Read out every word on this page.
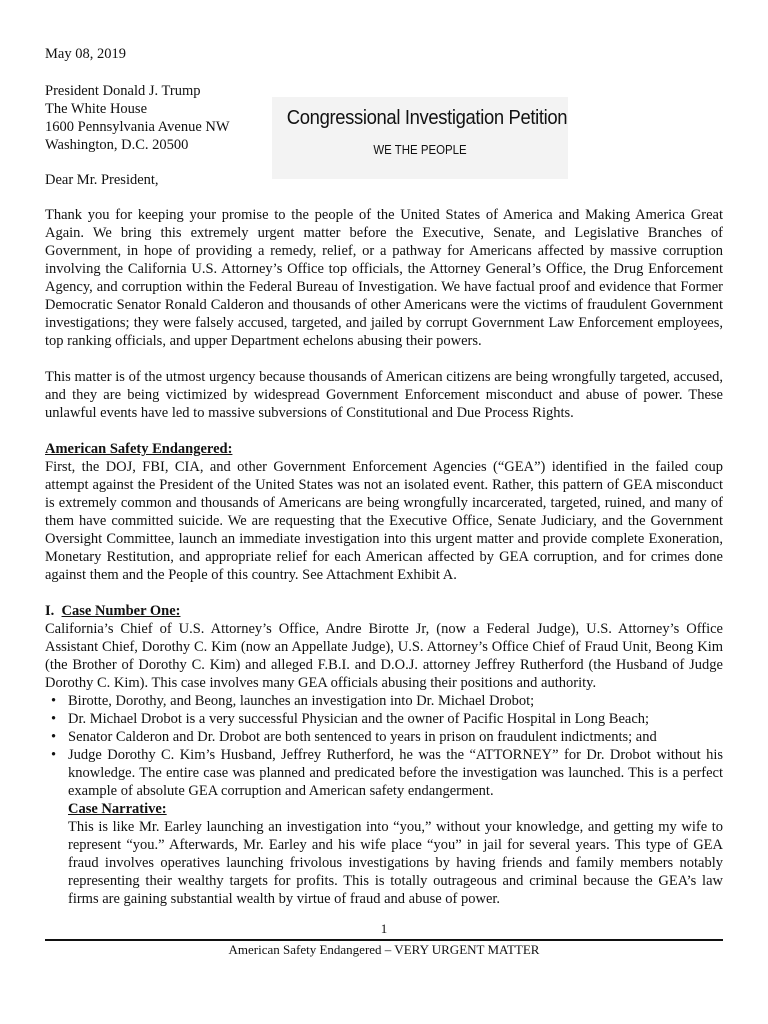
May 08, 2019
President Donald J. Trump
The White House
1600 Pennsylvania Avenue NW
Washington, D.C. 20500
Congressional Investigation Petition
WE THE PEOPLE
Dear Mr. President,

Thank you for keeping your promise to the people of the United States of America and Making America Great Again. We bring this extremely urgent matter before the Executive, Senate, and Legislative Branches of Government, in hope of providing a remedy, relief, or a pathway for Americans affected by massive corruption involving the California U.S. Attorney’s Office top officials, the Attorney General’s Office, the Drug Enforcement Agency, and corruption within the Federal Bureau of Investigation. We have factual proof and evidence that Former Democratic Senator Ronald Calderon and thousands of other Americans were the victims of fraudulent Government investigations; they were falsely accused, targeted, and jailed by corrupt Government Law Enforcement employees, top ranking officials, and upper Department echelons abusing their powers.

This matter is of the utmost urgency because thousands of American citizens are being wrongfully targeted, accused, and they are being victimized by widespread Government Enforcement misconduct and abuse of power. These unlawful events have led to massive subversions of Constitutional and Due Process Rights.

American Safety Endangered:
First, the DOJ, FBI, CIA, and other Government Enforcement Agencies (“GEA”) identified in the failed coup attempt against the President of the United States was not an isolated event. Rather, this pattern of GEA misconduct is extremely common and thousands of Americans are being wrongfully incarcerated, targeted, ruined, and many of them have committed suicide. We are requesting that the Executive Office, Senate Judiciary, and the Government Oversight Committee, launch an immediate investigation into this urgent matter and provide complete Exoneration, Monetary Restitution, and appropriate relief for each American affected by GEA corruption, and for crimes done against them and the People of this country. See Attachment Exhibit A.
I. Case Number One:
California’s Chief of U.S. Attorney’s Office, Andre Birotte Jr, (now a Federal Judge), U.S. Attorney’s Office Assistant Chief, Dorothy C. Kim (now an Appellate Judge), U.S. Attorney’s Office Chief of Fraud Unit, Beong Kim (the Brother of Dorothy C. Kim) and alleged F.B.I. and D.O.J. attorney Jeffrey Rutherford (the Husband of Judge Dorothy C. Kim). This case involves many GEA officials abusing their positions and authority.
• Birotte, Dorothy, and Beong, launches an investigation into Dr. Michael Drobot;
• Dr. Michael Drobot is a very successful Physician and the owner of Pacific Hospital in Long Beach;
• Senator Calderon and Dr. Drobot are both sentenced to years in prison on fraudulent indictments; and
• Judge Dorothy C. Kim’s Husband, Jeffrey Rutherford, he was the “ATTORNEY” for Dr. Drobot without his knowledge. The entire case was planned and predicated before the investigation was launched. This is a perfect example of absolute GEA corruption and American safety endangerment.
Case Narrative:
This is like Mr. Earley launching an investigation into “you,” without your knowledge, and getting my wife to represent “you.” Afterwards, Mr. Earley and his wife place “you” in jail for several years. This type of GEA fraud involves operatives launching frivolous investigations by having friends and family members notably representing their wealthy targets for profits. This is totally outrageous and criminal because the GEA’s law firms are gaining substantial wealth by virtue of fraud and abuse of power.
1
American Safety Endangered – VERY URGENT MATTER
